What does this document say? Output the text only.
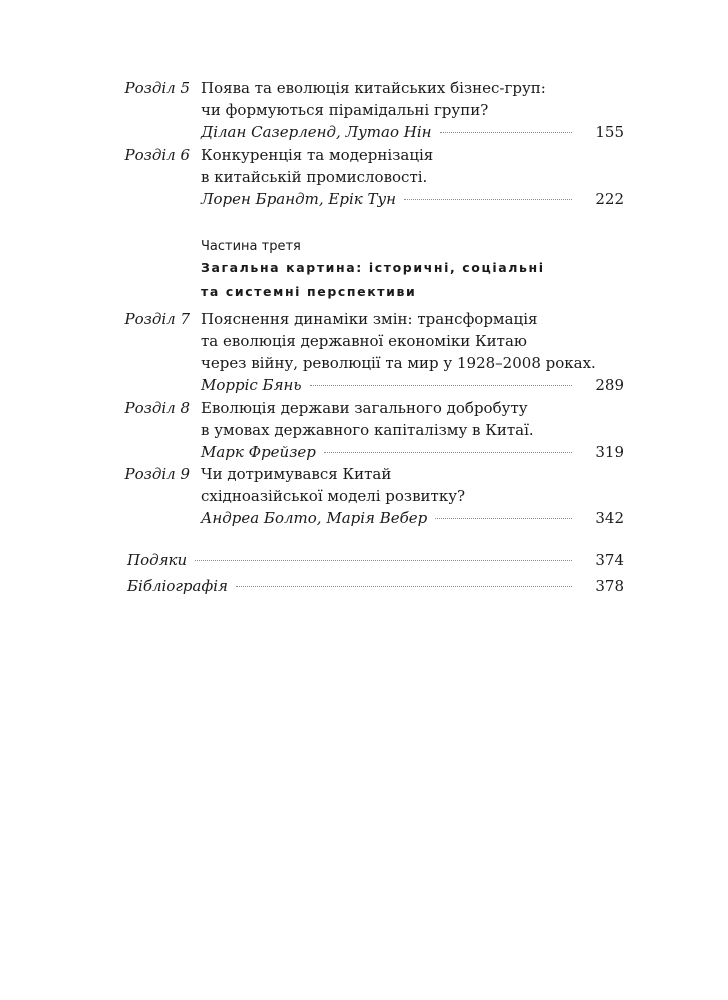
Розділ 5 Поява та еволюція китайських бізнес-груп:
чи формуються пірамідальні групи?
Ділан Сазерленд, Лутао Нін	155
Розділ 6 Конкуренція та модернізація
в китайській промисловості.
Лорен Брандт, Ерік Тун	222
Частина третя
Загальна картина: історичні, соціальні
та системні перспективи
Розділ 7 Пояснення динаміки змін: трансформація
та еволюція державної економіки Китаю
через війну, революції та мир у 1928–2008 роках.
Морріс Бянь	289
Розділ 8 Еволюція держави загального добробуту
в умовах державного капіталізму в Китаї.
Марк Фрейзер	319
Розділ 9 Чи дотримувався Китай
східноазійської моделі розвитку?
Андреа Болто, Марія Вебер	342
Подяки	374
Бібліографія	378
